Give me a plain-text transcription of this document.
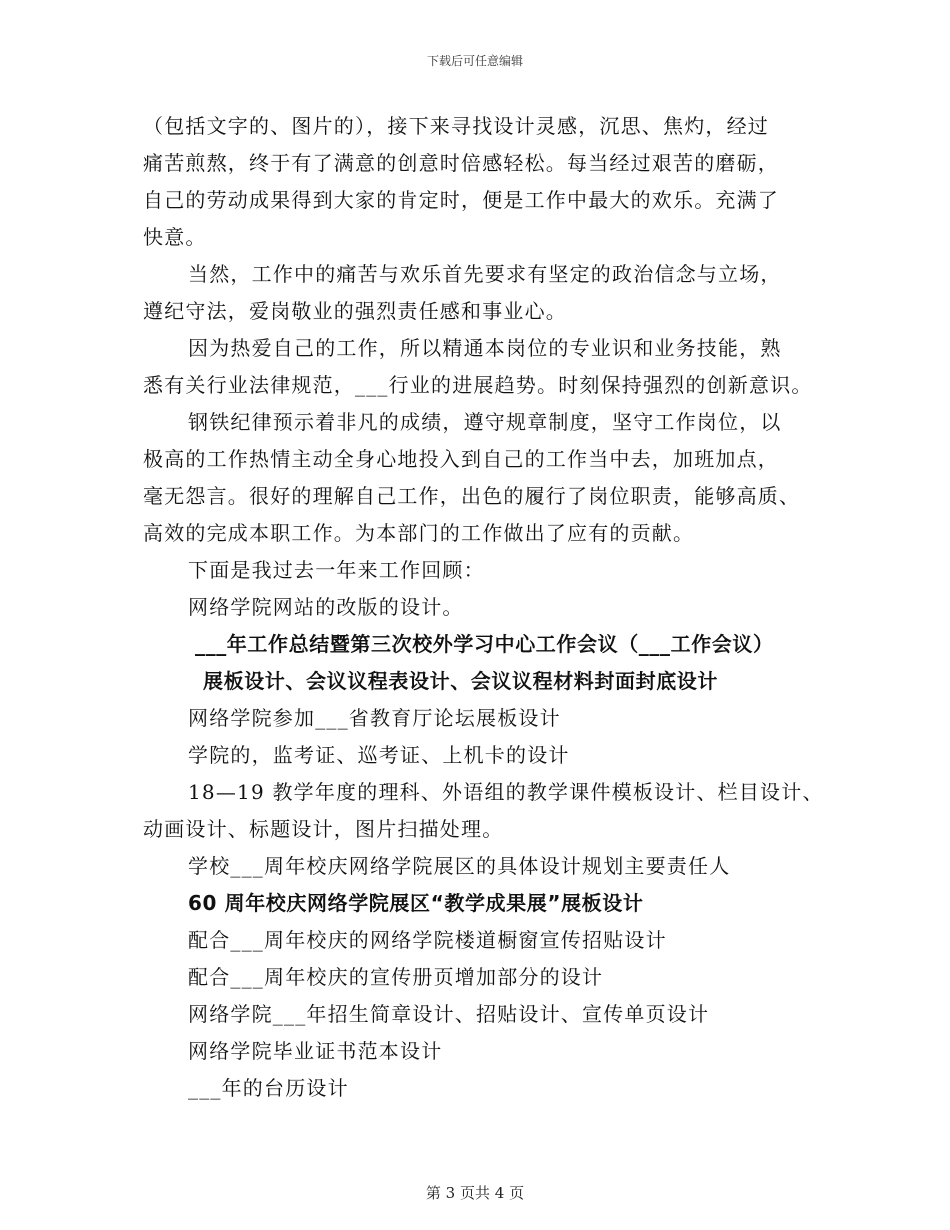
下载后可任意编辑
（包括文字的、图片的），接下来寻找设计灵感，沉思、焦灼，经过
痛苦煎熬，终于有了满意的创意时倍感轻松。每当经过艰苦的磨砺，
自己的劳动成果得到大家的肯定时，便是工作中最大的欢乐。充满了
快意。
当然，工作中的痛苦与欢乐首先要求有坚定的政治信念与立场，
遵纪守法，爱岗敬业的强烈责任感和事业心。
因为热爱自己的工作，所以精通本岗位的专业识和业务技能，熟
悉有关行业法律规范，___行业的进展趋势。时刻保持强烈的创新意识。
钢铁纪律预示着非凡的成绩，遵守规章制度，坚守工作岗位，以
极高的工作热情主动全身心地投入到自己的工作当中去，加班加点，
毫无怨言。很好的理解自己工作，出色的履行了岗位职责，能够高质、
高效的完成本职工作。为本部门的工作做出了应有的贡献。
下面是我过去一年来工作回顾：
网络学院网站的改版的设计。
___年工作总结暨第三次校外学习中心工作会议（___工作会议）
展板设计、会议议程表设计、会议议程材料封面封底设计
网络学院参加___省教育厅论坛展板设计
学院的，监考证、巡考证、上机卡的设计
18—19 教学年度的理科、外语组的教学课件模板设计、栏目设计、
动画设计、标题设计，图片扫描处理。
学校___周年校庆网络学院展区的具体设计规划主要责任人
60 周年校庆网络学院展区“教学成果展”展板设计
配合___周年校庆的网络学院楼道橱窗宣传招贴设计
配合___周年校庆的宣传册页增加部分的设计
网络学院___年招生简章设计、招贴设计、宣传单页设计
网络学院毕业证书范本设计
___年的台历设计
第 3 页共 4 页
